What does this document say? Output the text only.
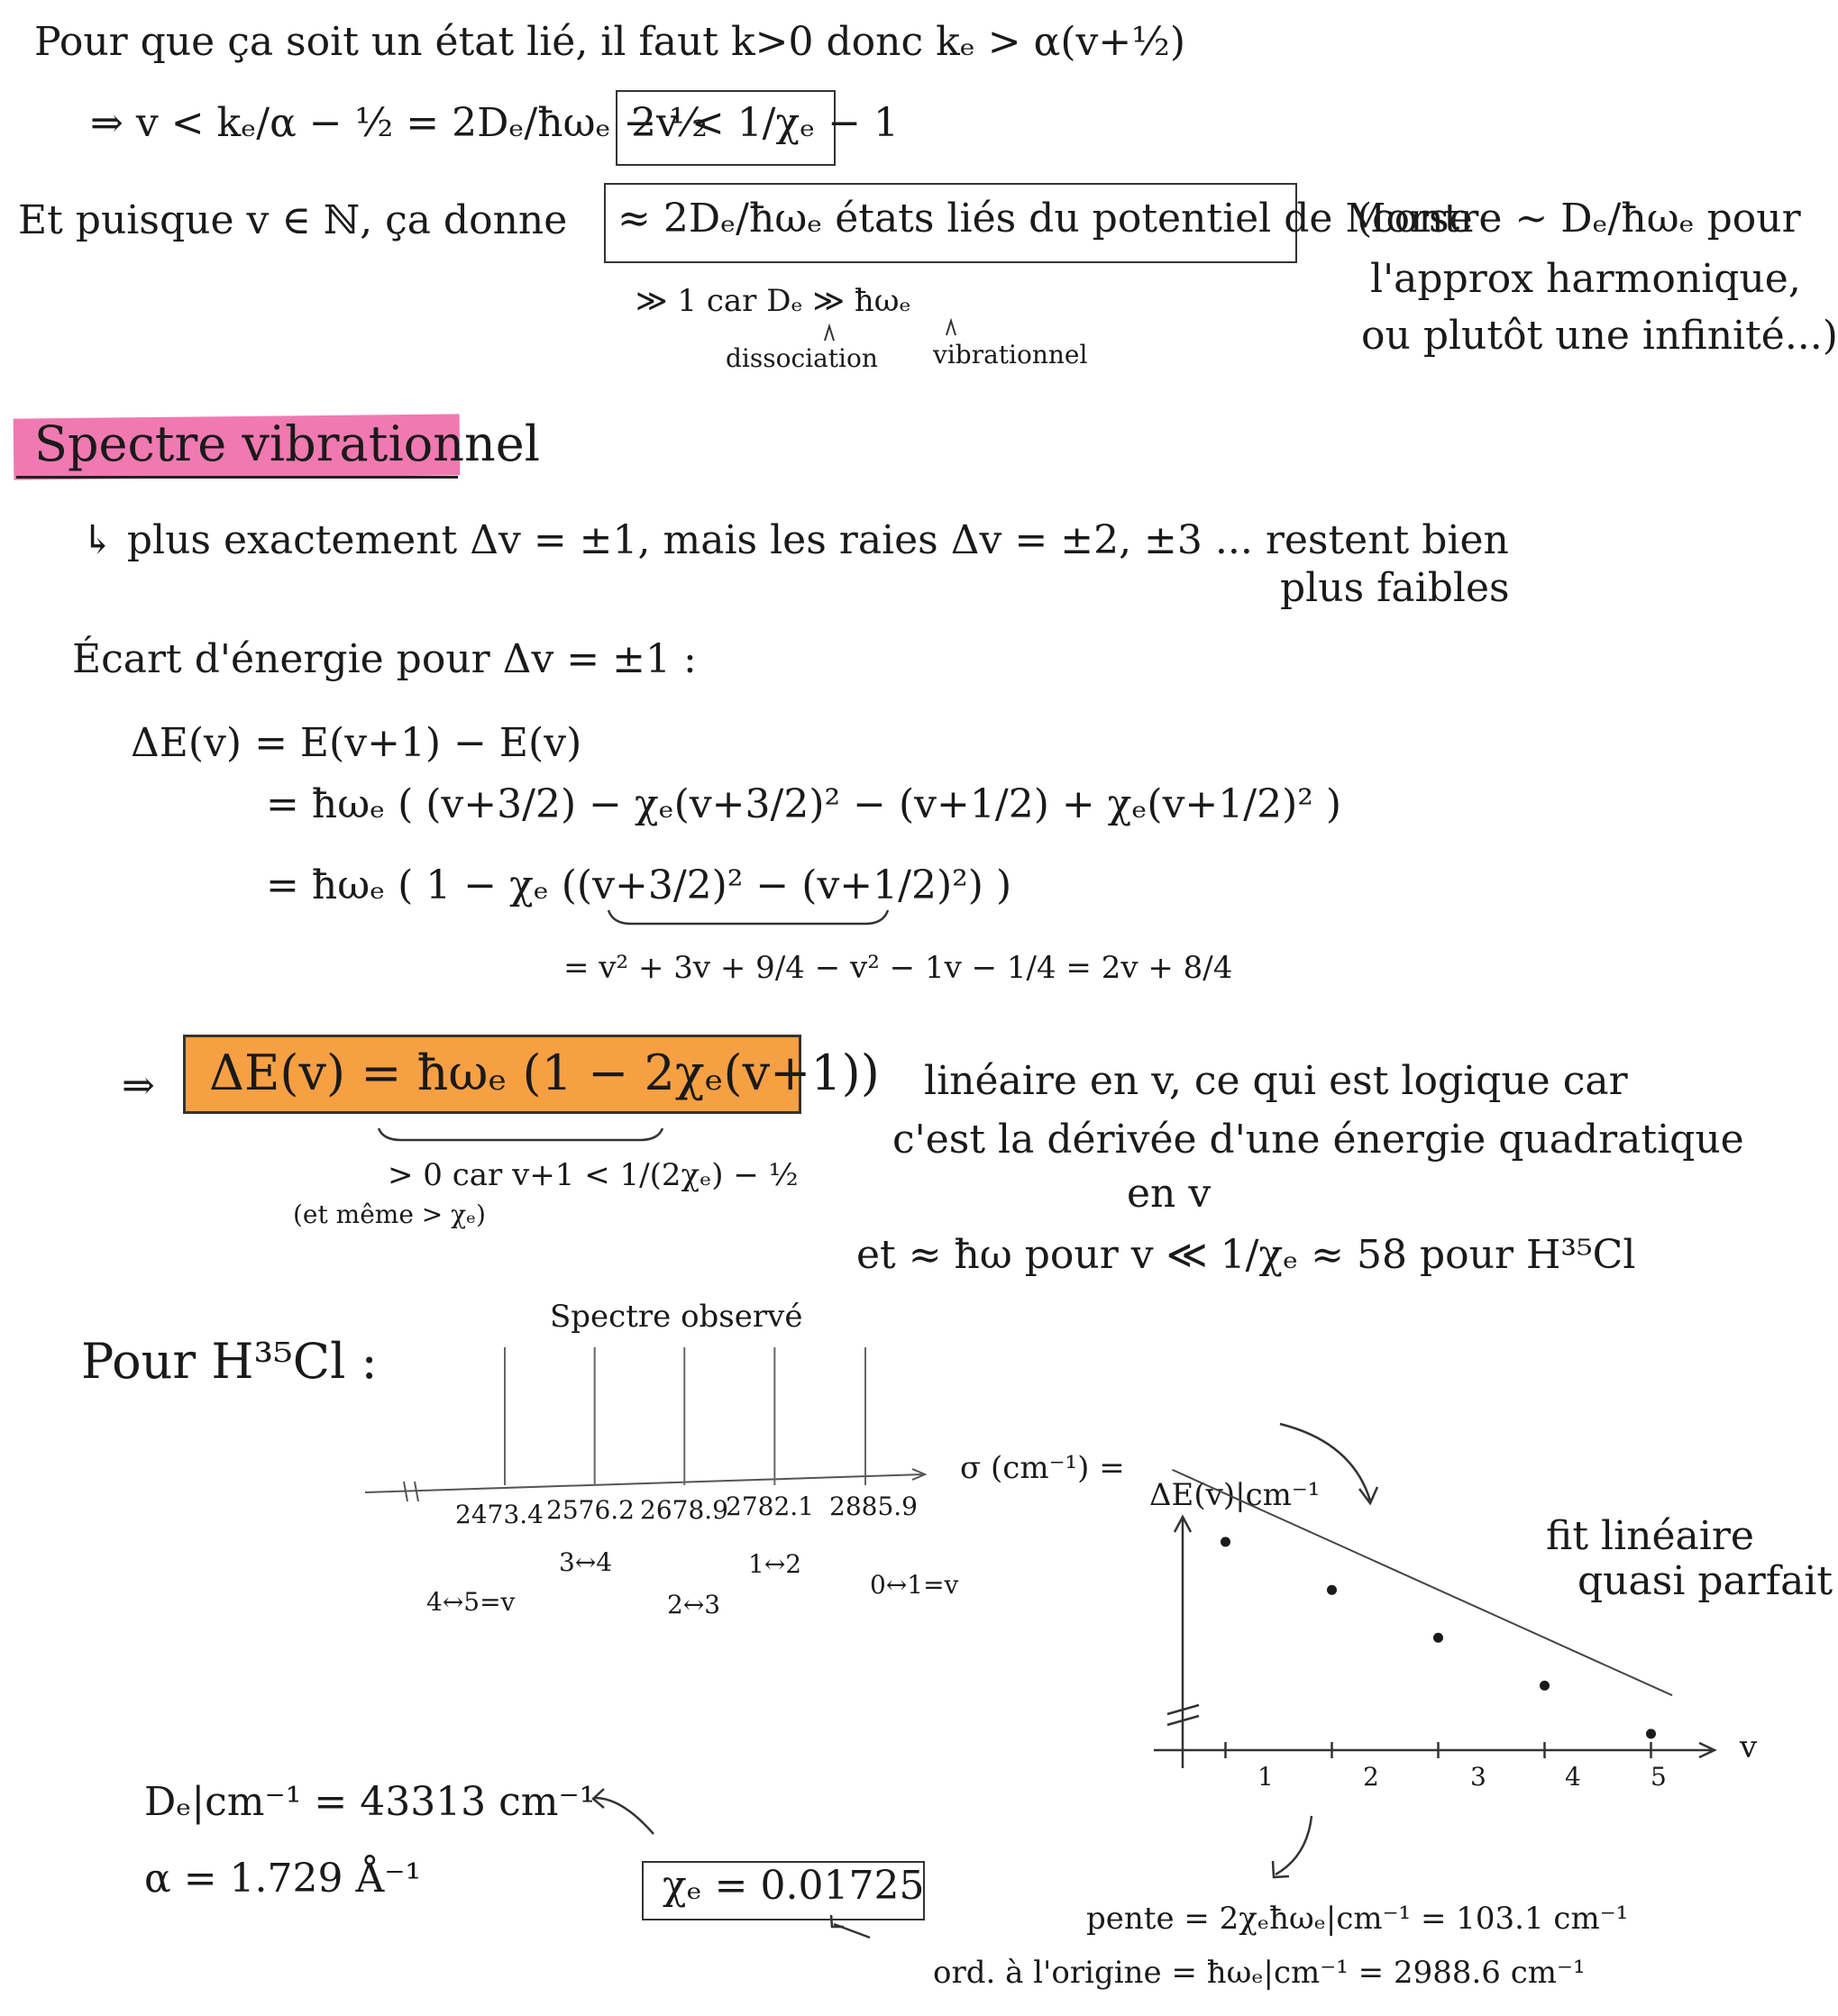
Pour que ça soit un état lié, il faut k>0 donc kₑ > α(v+½)
⇒ v < kₑ/α − ½ = 2Dₑ/ħωₑ − ½
2v < 1/χₑ − 1
Et puisque v ∈ ℕ, ça donne ≈ 2Dₑ/ħωₑ états liés du potentiel de Morse
(contre ~ Dₑ/ħωₑ pour
l'approx harmonique,
ou plutôt une infinité...)
≫ 1 car Dₑ ≫ ħωₑ
dissociation vibrationnel
Spectre vibrationnel
↳ plus exactement Δv = ±1, mais les raies Δv = ±2, ±3 ... restent bien
plus faibles
Écart d'énergie pour Δv = ±1 :
ΔE(v) = E(v+1) − E(v)
= ħωₑ ( (v+3/2) − χₑ(v+3/2)² − (v+1/2) + χₑ(v+1/2)² )
= ħωₑ ( 1 − χₑ ((v+3/2)² − (v+1/2)²) )
= v² + 3v + 9/4 − v² − 1v − 1/4 = 2v + 8/4
⇒ ΔE(v) = ħωₑ (1 − 2χₑ(v+1))
> 0 car v+1 < 1/(2χₑ) − ½
(et même > χₑ)
linéaire en v, ce qui est logique car
c'est la dérivée d'une énergie quadratique
en v
et ≈ ħω pour v ≪ 1/χₑ ≈ 58 pour H³⁵Cl
Pour H³⁵Cl :
Spectre observé
σ (cm⁻¹) =
ΔE(v)|cm⁻¹
2473.4 2576.2 2678.9
2782.1 2885.9
4↔5=v
3↔4
2↔3
1↔2
0↔1=v
fit linéaire
quasi parfait
v
1	2	3	4	5
Dₑ|cm⁻¹ = 43313 cm⁻¹
α = 1.729 Å⁻¹	χₑ = 0.01725
pente = 2χₑħωₑ|cm⁻¹ = 103.1 cm⁻¹
ord. à l'origine = ħωₑ|cm⁻¹ = 2988.6 cm⁻¹
